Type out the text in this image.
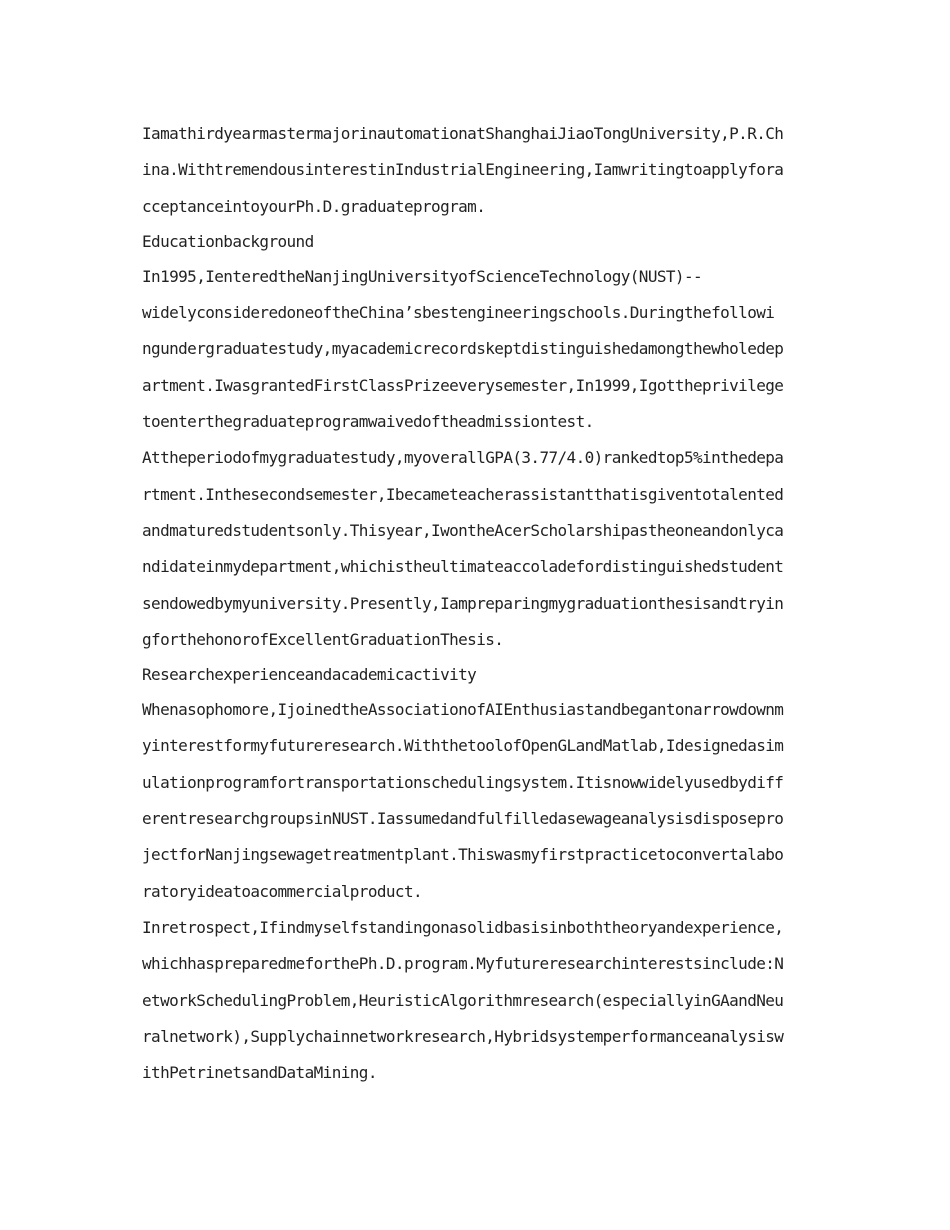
IamathirdyearmastermajorinautomationatShanghaiJiaoTongUniversity,P.R.Ch
ina.WithtremendousinterestinIndustrialEngineering,Iamwritingtoapplyfora
cceptanceintoyourPh.D.graduateprogram.
Educationbackground
In1995,IenteredtheNanjingUniversityofScienceTechnology(NUST)--
widelyconsideredoneoftheChina’sbestengineeringschools.Duringthefollowi
ngundergraduatestudy,myacademicrecordskeptdistinguishedamongthewholedep
artment.IwasgrantedFirstClassPrizeeverysemester,In1999,Igottheprivilege
toenterthegraduateprogramwaivedoftheadmissiontest.
Attheperiodofmygraduatestudy,myoverallGPA(3.77/4.0)rankedtop5%inthedepa
rtment.Inthesecondsemester,Ibecameteacherassistantthatisgiventotalented
andmaturedstudentsonly.Thisyear,IwontheAcerScholarshipastheoneandonlyca
ndidateinmydepartment,whichistheultimateaccoladefordistinguishedstudent
sendowedbymyuniversity.Presently,Iampreparingmygraduationthesisandtryin
gforthehonorofExcellentGraduationThesis.
Researchexperienceandacademicactivity
Whenasophomore,IjoinedtheAssociationofAIEnthusiastandbegantonarrowdownm
yinterestformyfutureresearch.WiththetoolofOpenGLandMatlab,Idesignedasim
ulationprogramfortransportationschedulingsystem.Itisnowwidelyusedbydiff
erentresearchgroupsinNUST.Iassumedandfulfilledasewageanalysisdisposepro
jectforNanjingsewagetreatmentplant.Thiswasmyfirstpracticetoconvertalabo
ratoryideatoacommercialproduct.
Inretrospect,Ifindmyselfstandingonasolidbasisinboththeoryandexperience,
whichhaspreparedmeforthePh.D.program.Myfutureresearchinterestsinclude:N
etworkSchedulingProblem,HeuristicAlgorithmresearch(especiallyinGAandNeu
ralnetwork),Supplychainnetworkresearch,Hybridsystemperformanceanalysisw
ithPetrinetsandDataMining.
